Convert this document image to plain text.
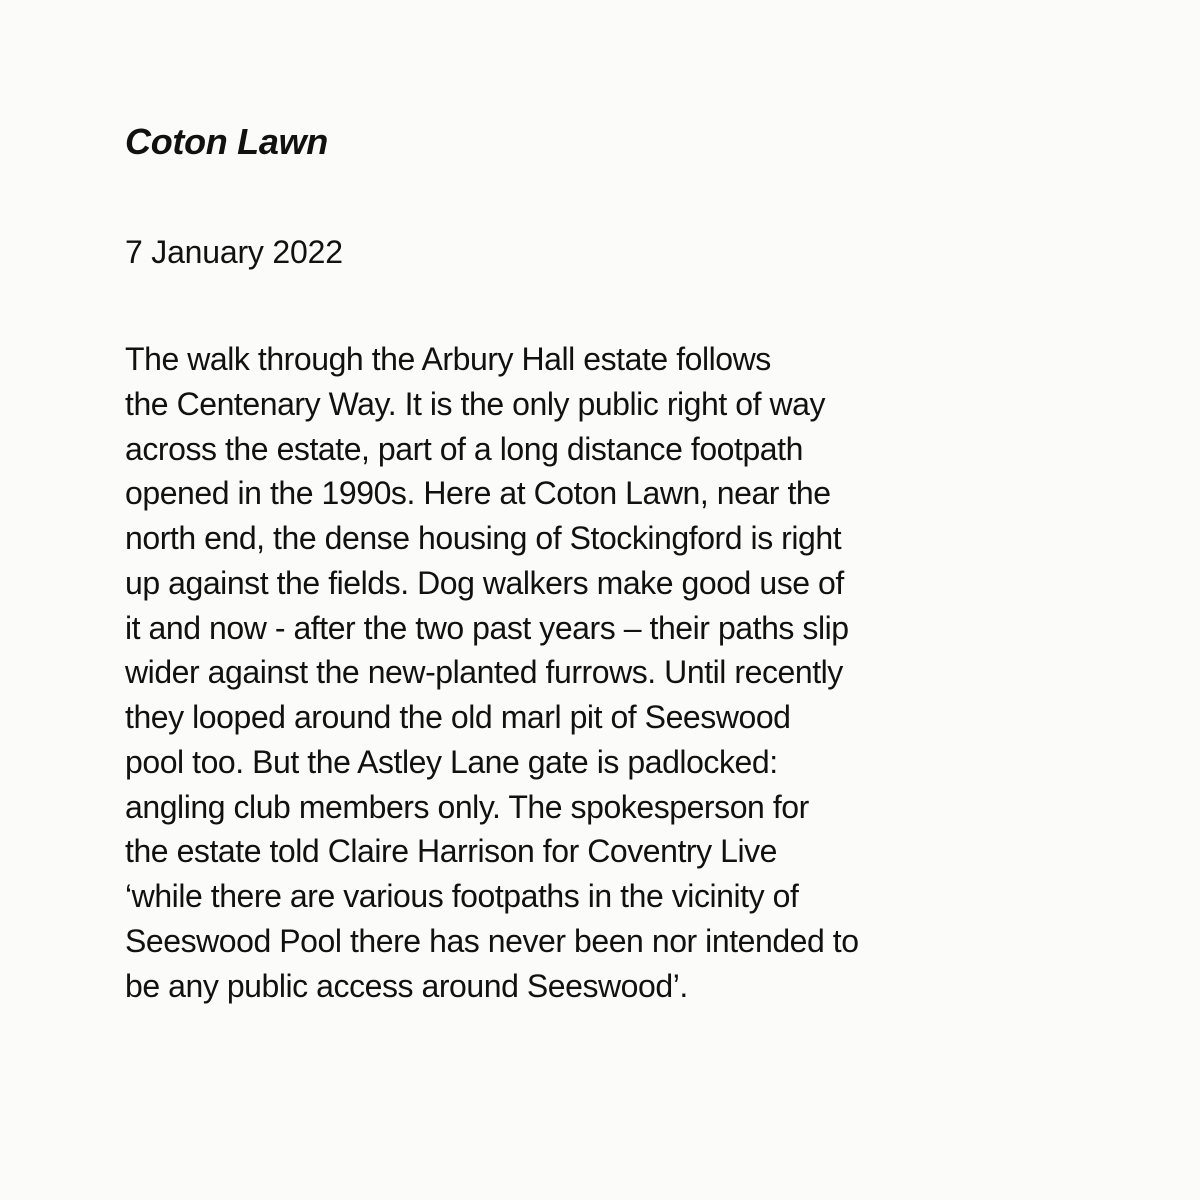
Coton Lawn

7 January 2022

The walk through the Arbury Hall estate follows
the Centenary Way. It is the only public right of way
across the estate, part of a long distance footpath
opened in the 1990s. Here at Coton Lawn, near the
north end, the dense housing of Stockingford is right
up against the fields. Dog walkers make good use of
it and now - after the two past years – their paths slip
wider against the new-planted furrows. Until recently
they looped around the old marl pit of Seeswood
pool too. But the Astley Lane gate is padlocked:
angling club members only. The spokesperson for
the estate told Claire Harrison for Coventry Live
‘while there are various footpaths in the vicinity of
Seeswood Pool there has never been nor intended to
be any public access around Seeswood’.
